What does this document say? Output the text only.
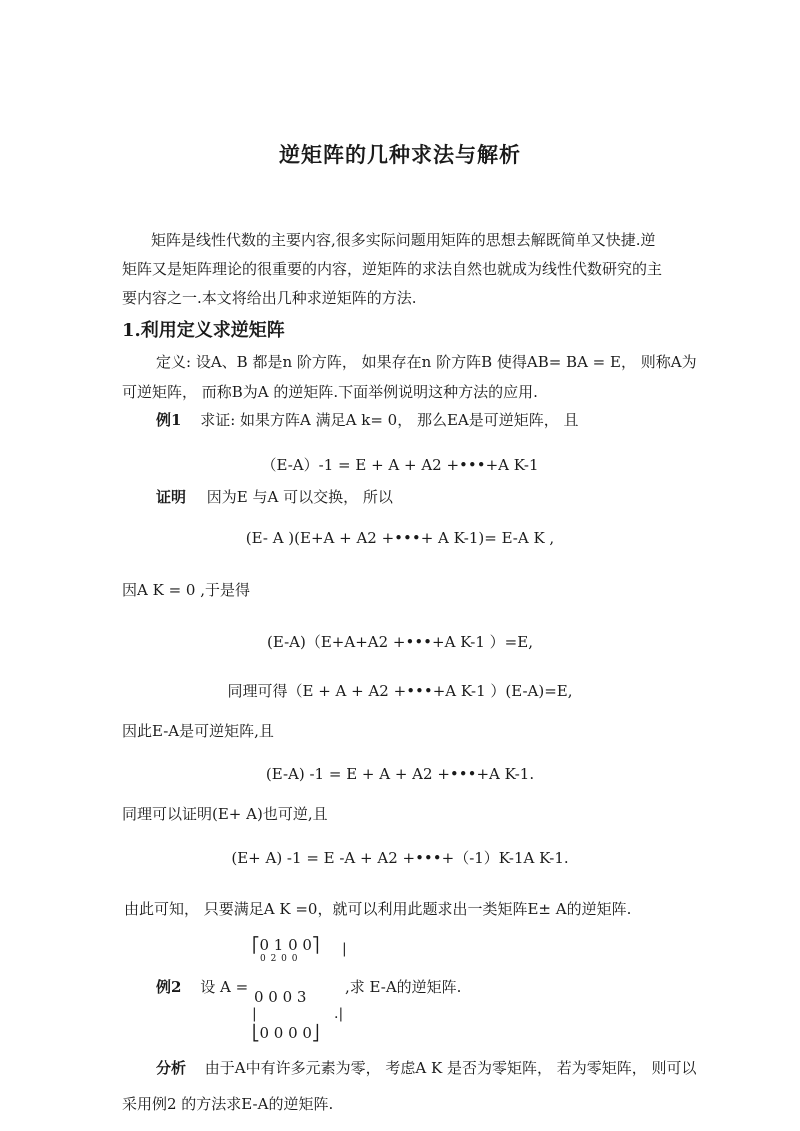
逆矩阵的几种求法与解析
矩阵是线性代数的主要内容,很多实际问题用矩阵的思想去解既简单又快捷.逆
矩阵又是矩阵理论的很重要的内容，逆矩阵的求法自然也就成为线性代数研究的主
要内容之一.本文将给出几种求逆矩阵的方法.
1.利用定义求逆矩阵
定义: 设A、B 都是n 阶方阵， 如果存在n 阶方阵B 使得AB= BA = E， 则称A为
可逆矩阵， 而称B为A 的逆矩阵.下面举例说明这种方法的应用.
例1 求证: 如果方阵A 满足A k= 0， 那么EA是可逆矩阵， 且
（E-A）-1 = E + A + A2 +•••+A K-1
证明 因为E 与A 可以交换， 所以
(E- A )(E+A + A2 +•••+ A K-1)= E-A K ,
因A K = 0 ,于是得
(E-A)（E+A+A2 +•••+A K-1 ）=E,
同理可得（E + A + A2 +•••+A K-1 ）(E-A)=E,
因此E-A是可逆矩阵,且
(E-A) -1 = E + A + A2 +•••+A K-1.
同理可以证明(E+ A)也可逆,且
(E+ A) -1 = E -A + A2 +•••+（-1）K-1A K-1.
由此可知， 只要满足A K =0，就可以利用此题求出一类矩阵E± A的逆矩阵.
⎡0 1 0 0⎤
0 2 0 0
|
0 0 0 3
|	.|
⎣0 0 0 0⎦
例2 设 A =	,求 E-A的逆矩阵.
分析 由于A中有许多元素为零， 考虑A K 是否为零矩阵， 若为零矩阵， 则可以
采用例2 的方法求E-A的逆矩阵.
